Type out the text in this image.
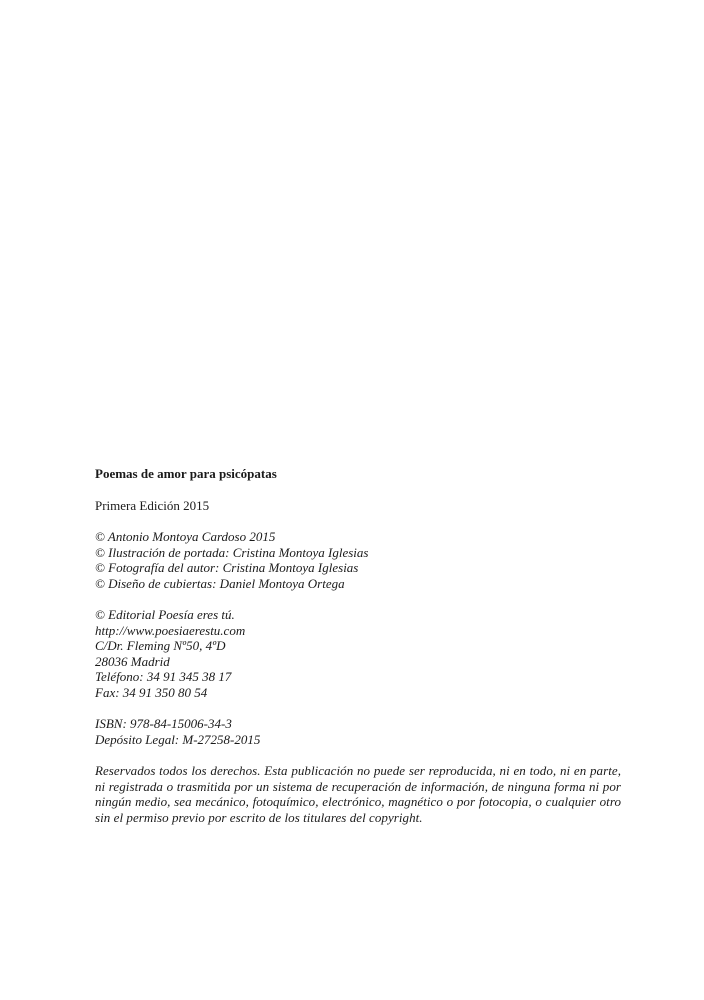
Poemas de amor para psicópatas
Primera Edición 2015
© Antonio Montoya Cardoso 2015
© Ilustración de portada: Cristina Montoya Iglesias
© Fotografía del autor: Cristina Montoya Iglesias
© Diseño de cubiertas: Daniel Montoya Ortega
© Editorial Poesía eres tú.
http://www.poesiaerestu.com
C/Dr. Fleming Nº50, 4ºD
28036 Madrid
Teléfono: 34 91 345 38 17
Fax: 34 91 350 80 54
ISBN: 978-84-15006-34-3
Depósito Legal: M-27258-2015

Reservados todos los derechos. Esta publicación no puede ser reproducida, ni en todo, ni en parte, ni registrada o trasmitida por un sistema de recuperación de información, de ninguna forma ni por ningún medio, sea mecánico, fotoquímico, electrónico, magnético o por fotocopia, o cualquier otro sin el permiso previo por escrito de los titulares del copyright.
